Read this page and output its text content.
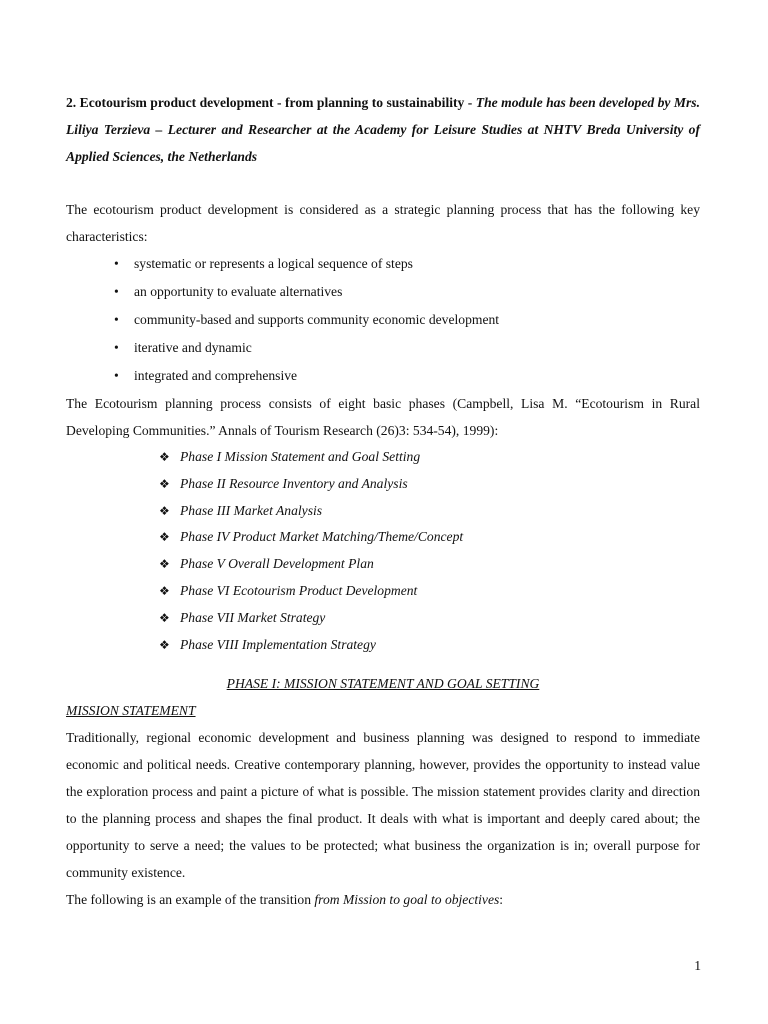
2. Ecotourism product development - from planning to sustainability - The module has been developed by Mrs. Liliya Terzieva – Lecturer and Researcher at the Academy for Leisure Studies at NHTV Breda University of Applied Sciences, the Netherlands

The ecotourism product development is considered as a strategic planning process that has the following key characteristics:

• systematic or represents a logical sequence of steps
• an opportunity to evaluate alternatives
• community-based and supports community economic development
• iterative and dynamic
• integrated and comprehensive

The Ecotourism planning process consists of eight basic phases (Campbell, Lisa M. “Ecotourism in Rural Developing Communities.” Annals of Tourism Research (26)3: 534-54), 1999):

❖ Phase I Mission Statement and Goal Setting
❖ Phase II Resource Inventory and Analysis
❖ Phase III Market Analysis
❖ Phase IV Product Market Matching/Theme/Concept
❖ Phase V Overall Development Plan
❖ Phase VI Ecotourism Product Development
❖ Phase VII Market Strategy
❖ Phase VIII Implementation Strategy
PHASE I: MISSION STATEMENT AND GOAL SETTING
MISSION STATEMENT

Traditionally, regional economic development and business planning was designed to respond to immediate economic and political needs. Creative contemporary planning, however, provides the opportunity to instead value the exploration process and paint a picture of what is possible. The mission statement provides clarity and direction to the planning process and shapes the final product. It deals with what is important and deeply cared about; the opportunity to serve a need; the values to be protected; what business the organization is in; overall purpose for community existence.

The following is an example of the transition from Mission to goal to objectives:

1
